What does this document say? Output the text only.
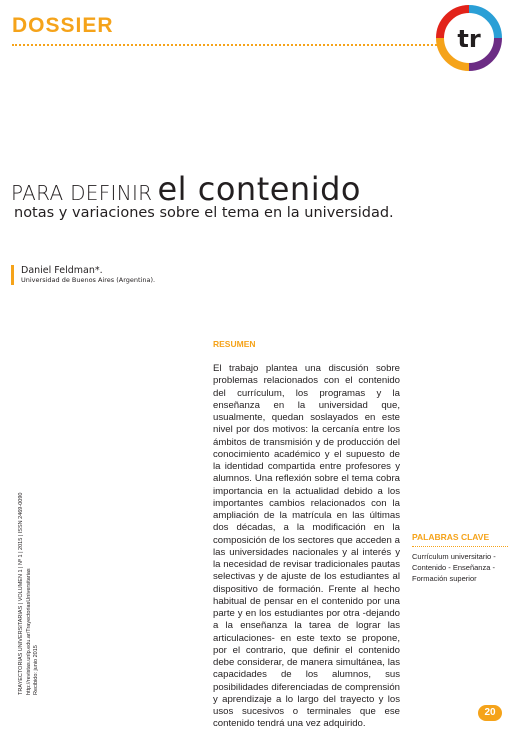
DOSSIER	tr
PARA DEFINIR el contenido
notas y variaciones sobre el tema en la universidad.
Daniel Feldman*.
Universidad de Buenos Aires (Argentina).
RESUMEN
El trabajo plantea una discusión sobre problemas relacionados con el contenido del currículum, los programas y la enseñanza en la universidad que, usualmente, quedan soslayados en este nivel por dos motivos: la cercanía entre los ámbitos de transmisión y de producción del conocimiento académico y el supuesto de la identidad compartida entre profesores y alumnos. Una reflexión sobre el tema cobra importancia en la actualidad debido a los importantes cambios relacionados con la ampliación de la matrícula en las últimas dos décadas, a la modificación en la composición de los sectores que acceden a las universidades nacionales y al interés y la necesidad de revisar tradicionales pautas selectivas y de ajuste de los estudiantes al dispositivo de formación. Frente al hecho habitual de pensar en el contenido por una parte y en los estudiantes por otra -dejando a la enseñanza la tarea de lograr las articulaciones- en este texto se propone, por el contrario, que definir el contenido debe considerar, de manera simultánea, las capacidades de los alumnos, sus posibilidades diferenciadas de comprensión y aprendizaje a lo largo del trayecto y los usos sucesivos o terminales que ese contenido tendrá una vez adquirido.
PALABRAS CLAVE
Currículum universitario - Contenido - Enseñanza - Formación superior
TRAYECTORIAS UNIVERSITARIAS | VOLUMEN 1 | Nº 1 | 2015 | ISSN 2469-0090 http://revistas.unlp.edu.ar/TrayectoriasUniversitarias Recibido: junio 2015
20
